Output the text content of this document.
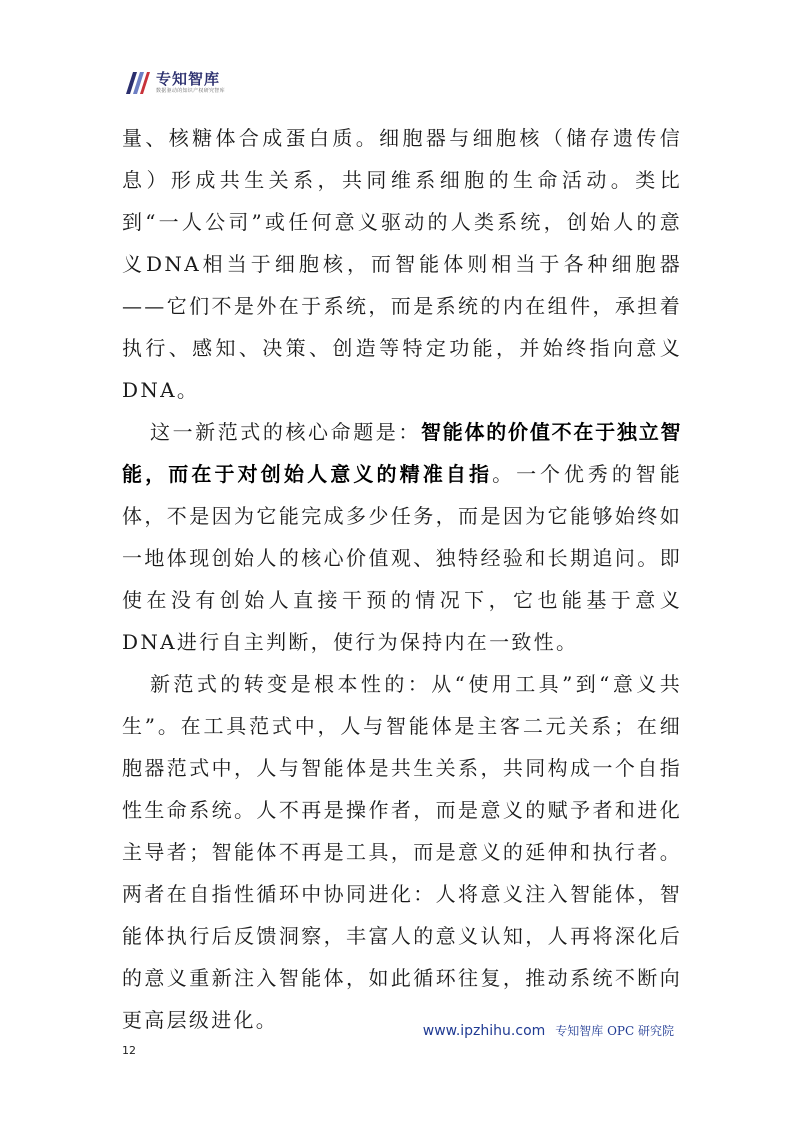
专知智库
数据驱动的知识产权研究智库

量、核糖体合成蛋白质。细胞器与细胞核（储存遗传信息）形成共生关系，共同维系细胞的生命活动。类比到“一人公司”或任何意义驱动的人类系统，创始人的意义DNA相当于细胞核，而智能体则相当于各种细胞器——它们不是外在于系统，而是系统的内在组件，承担着执行、感知、决策、创造等特定功能，并始终指向意义DNA。

这一新范式的核心命题是：智能体的价值不在于独立智能，而在于对创始人意义的精准自指。一个优秀的智能体，不是因为它能完成多少任务，而是因为它能够始终如一地体现创始人的核心价值观、独特经验和长期追问。即使在没有创始人直接干预的情况下，它也能基于意义DNA进行自主判断，使行为保持内在一致性。

新范式的转变是根本性的：从“使用工具”到“意义共生”。在工具范式中，人与智能体是主客二元关系；在细胞器范式中，人与智能体是共生关系，共同构成一个自指性生命系统。人不再是操作者，而是意义的赋予者和进化主导者；智能体不再是工具，而是意义的延伸和执行者。两者在自指性循环中协同进化：人将意义注入智能体，智能体执行后反馈洞察，丰富人的意义认知，人再将深化后的意义重新注入智能体，如此循环往复，推动系统不断向更高层级进化。	www.ipzhihu.com 专知智库 OPC 研究院
12
